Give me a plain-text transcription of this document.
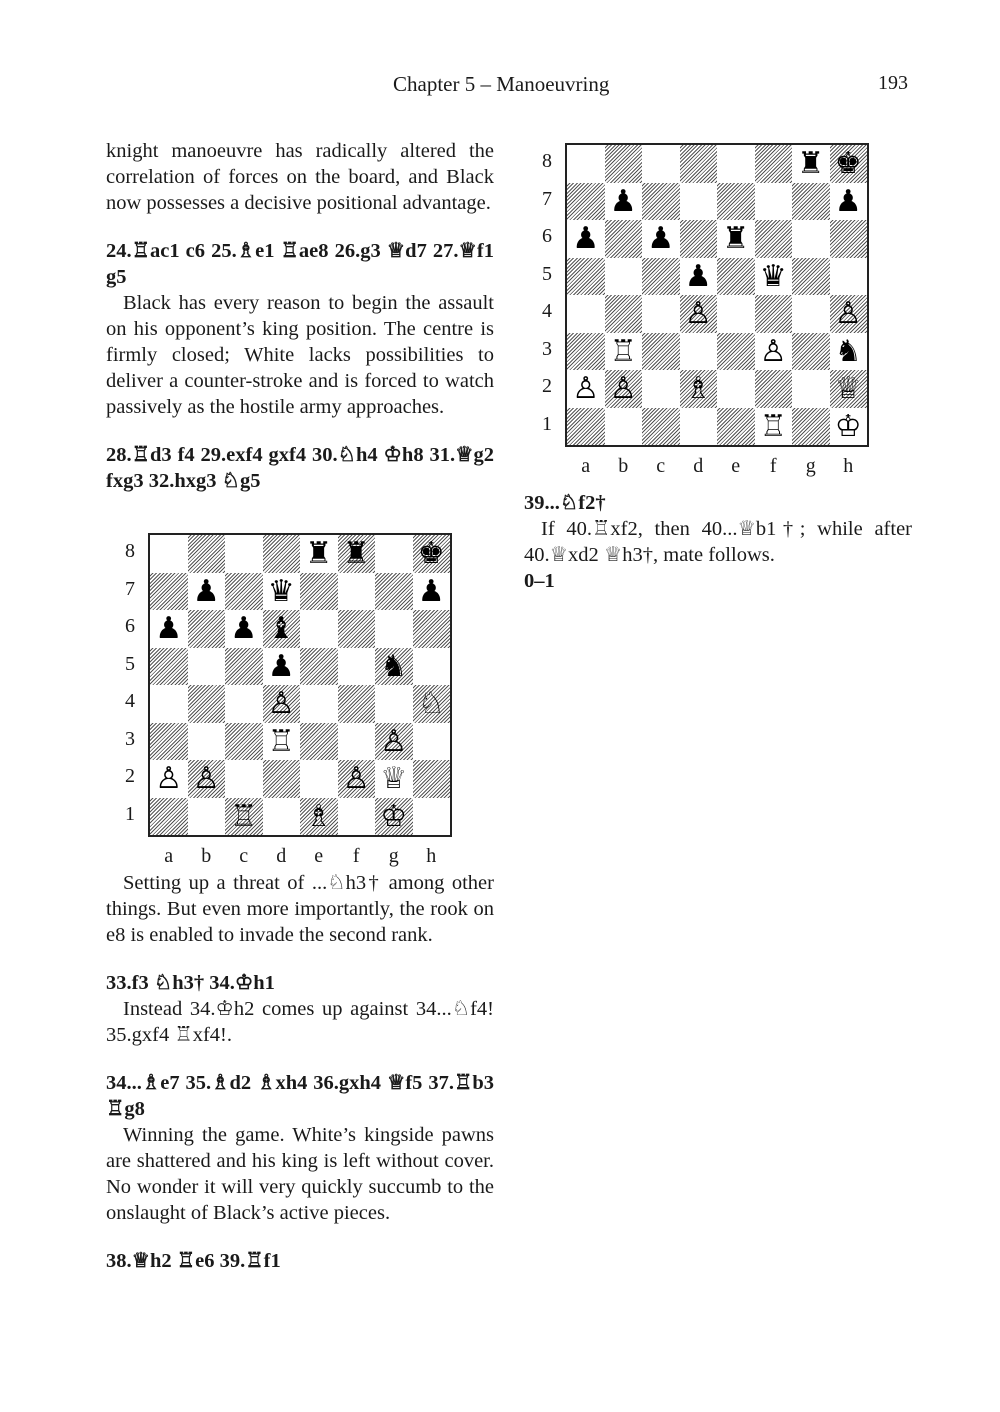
Chapter 5 – Manoeuvring	193

knight manoeuvre has radically altered the correlation of forces on the board, and Black now possesses a decisive positional advantage.

24.♖ac1 c6 25.♗e1 ♖ae8 26.g3 ♕d7 27.♕f1 g5

Black has every reason to begin the assault on his opponent’s king position. The centre is firmly closed; White lacks possibilities to deliver a counter-stroke and is forced to watch passively as the hostile army approaches.

28.♖d3 f4 29.exf4 gxf4 30.♘h4 ♔h8 31.♕g2 fxg3 32.hxg3 ♘g5

Setting up a threat of ...♘h3† among other things. But even more importantly, the rook on e8 is enabled to invade the second rank.

33.f3 ♘h3† 34.♔h1

Instead 34.♔h2 comes up against 34...♘f4! 35.gxf4 ♖xf4!.

34...♗e7 35.♗d2 ♗xh4 36.gxh4 ♕f5 37.♖b3 ♖g8

Winning the game. White’s kingside pawns are shattered and his king is left without cover. No wonder it will very quickly succumb to the onslaught of Black’s active pieces.

38.♕h2 ♖e6 39.♖f1

39...♘f2†

If 40.♖xf2, then 40...♕b1†; while after 40.♕xd2 ♕h3†, mate follows.

0–1

♜ ♜ ♚
♟ ♛	♟
♟ ♟ ♝
♟	♞
♙	♘
♖	♙
♙ ♙	♙ ♕
♖ ♗ ♔
8
7
6
5
4
3
2
1
a	b	c	d	e	f	g	h
♜ ♚
♟	♟
♟ ♟ ♜
♟ ♛
♙	♙
♖	♙ ♞
♙ ♙ ♗	♕
♖ ♔
8
7
6
5
4
3
2
1
a	b	c	d	e	f	g	h
